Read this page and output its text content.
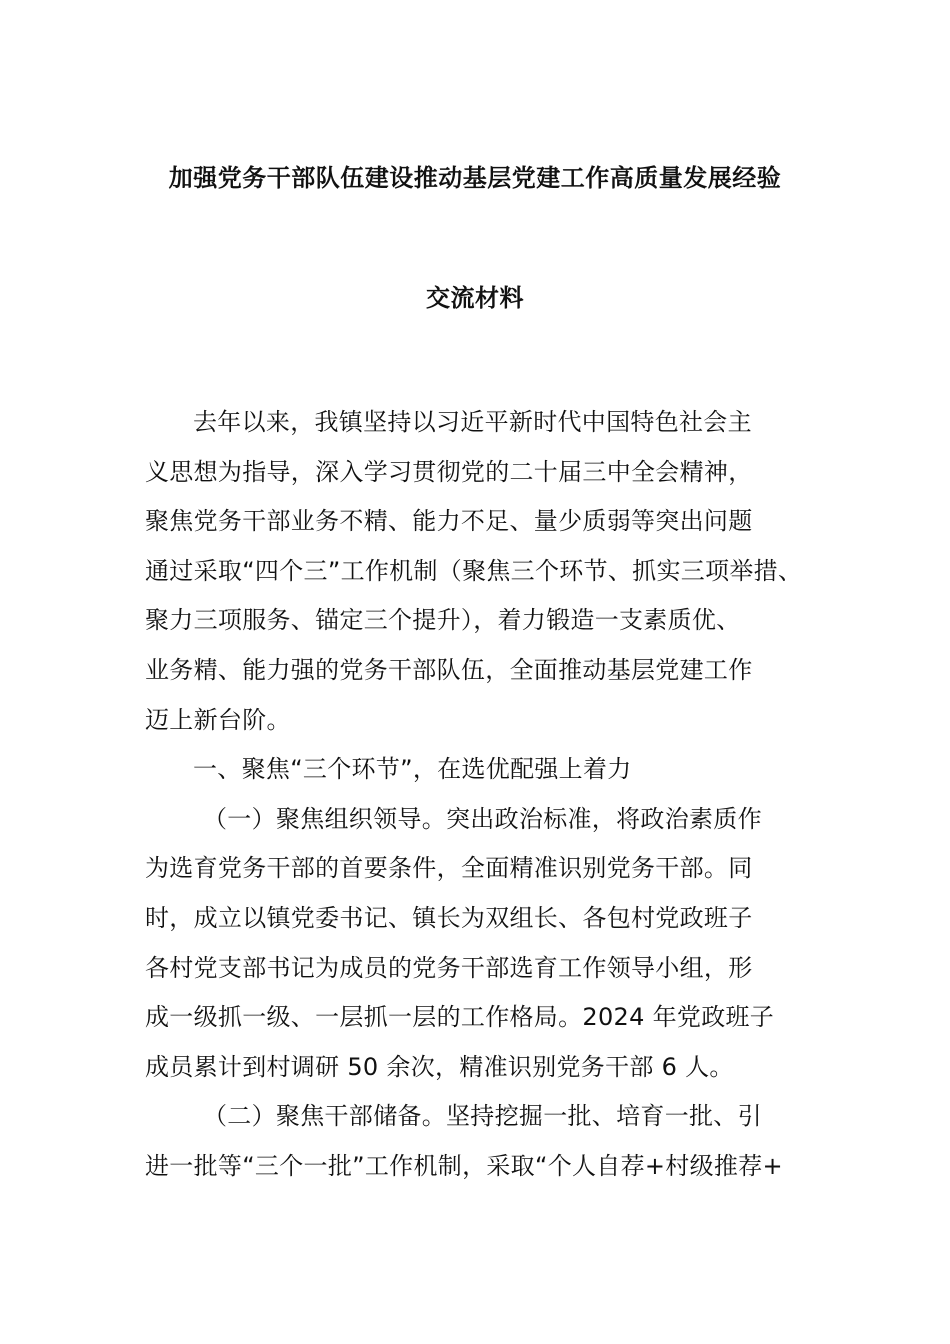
加强党务干部队伍建设推动基层党建工作高质量发展经验
交流材料
去年以来，我镇坚持以习近平新时代中国特色社会主
义思想为指导，深入学习贯彻党的二十届三中全会精神，
聚焦党务干部业务不精、能力不足、量少质弱等突出问题
通过采取“四个三”工作机制（聚焦三个环节、抓实三项举措、
聚力三项服务、锚定三个提升），着力锻造一支素质优、
业务精、能力强的党务干部队伍，全面推动基层党建工作
迈上新台阶。
一、聚焦“三个环节”，在选优配强上着力
（一）聚焦组织领导。突出政治标准，将政治素质作
为选育党务干部的首要条件，全面精准识别党务干部。同
时，成立以镇党委书记、镇长为双组长、各包村党政班子
各村党支部书记为成员的党务干部选育工作领导小组，形
成一级抓一级、一层抓一层的工作格局。2024 年党政班子
成员累计到村调研 50 余次，精准识别党务干部 6 人。
（二）聚焦干部储备。坚持挖掘一批、培育一批、引
进一批等“三个一批”工作机制，采取“个人自荐+村级推荐+
